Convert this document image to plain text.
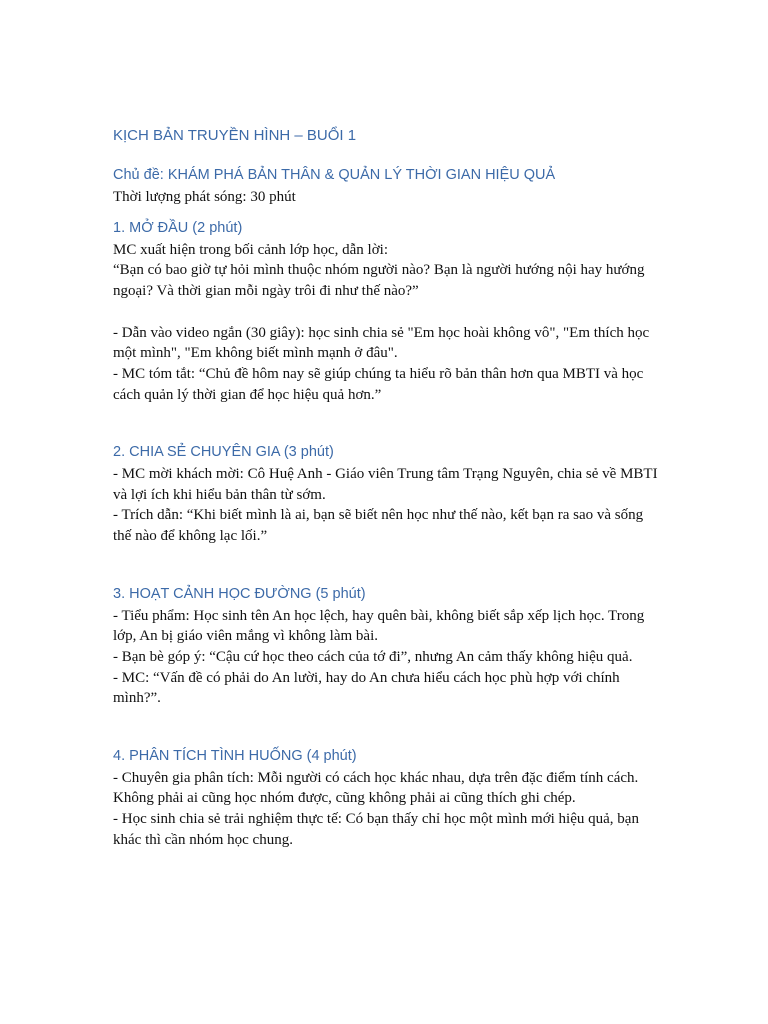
KỊCH BẢN TRUYỀN HÌNH – BUỔI 1
Chủ đề: KHÁM PHÁ BẢN THÂN & QUẢN LÝ THỜI GIAN HIỆU QUẢ

Thời lượng phát sóng: 30 phút

1. MỞ ĐẦU (2 phút)

MC xuất hiện trong bối cảnh lớp học, dẫn lời:

“Bạn có bao giờ tự hỏi mình thuộc nhóm người nào? Bạn là người hướng nội hay hướng ngoại? Và thời gian mỗi ngày trôi đi như thế nào?”

- Dẫn vào video ngắn (30 giây): học sinh chia sẻ "Em học hoài không vô", "Em thích học một mình", "Em không biết mình mạnh ở đâu".

- MC tóm tắt: “Chủ đề hôm nay sẽ giúp chúng ta hiểu rõ bản thân hơn qua MBTI và học cách quản lý thời gian để học hiệu quả hơn.”

2. CHIA SẺ CHUYÊN GIA (3 phút)

- MC mời khách mời: Cô Huệ Anh - Giáo viên Trung tâm Trạng Nguyên, chia sẻ về MBTI và lợi ích khi hiểu bản thân từ sớm.

- Trích dẫn: “Khi biết mình là ai, bạn sẽ biết nên học như thế nào, kết bạn ra sao và sống thế nào để không lạc lối.”

3. HOẠT CẢNH HỌC ĐƯỜNG (5 phút)

- Tiểu phẩm: Học sinh tên An học lệch, hay quên bài, không biết sắp xếp lịch học. Trong lớp, An bị giáo viên mắng vì không làm bài.

- Bạn bè góp ý: “Cậu cứ học theo cách của tớ đi”, nhưng An cảm thấy không hiệu quả.

- MC: “Vấn đề có phải do An lười, hay do An chưa hiểu cách học phù hợp với chính mình?”.

4. PHÂN TÍCH TÌNH HUỐNG (4 phút)

- Chuyên gia phân tích: Mỗi người có cách học khác nhau, dựa trên đặc điểm tính cách. Không phải ai cũng học nhóm được, cũng không phải ai cũng thích ghi chép.

- Học sinh chia sẻ trải nghiệm thực tế: Có bạn thấy chỉ học một mình mới hiệu quả, bạn khác thì cần nhóm học chung.
